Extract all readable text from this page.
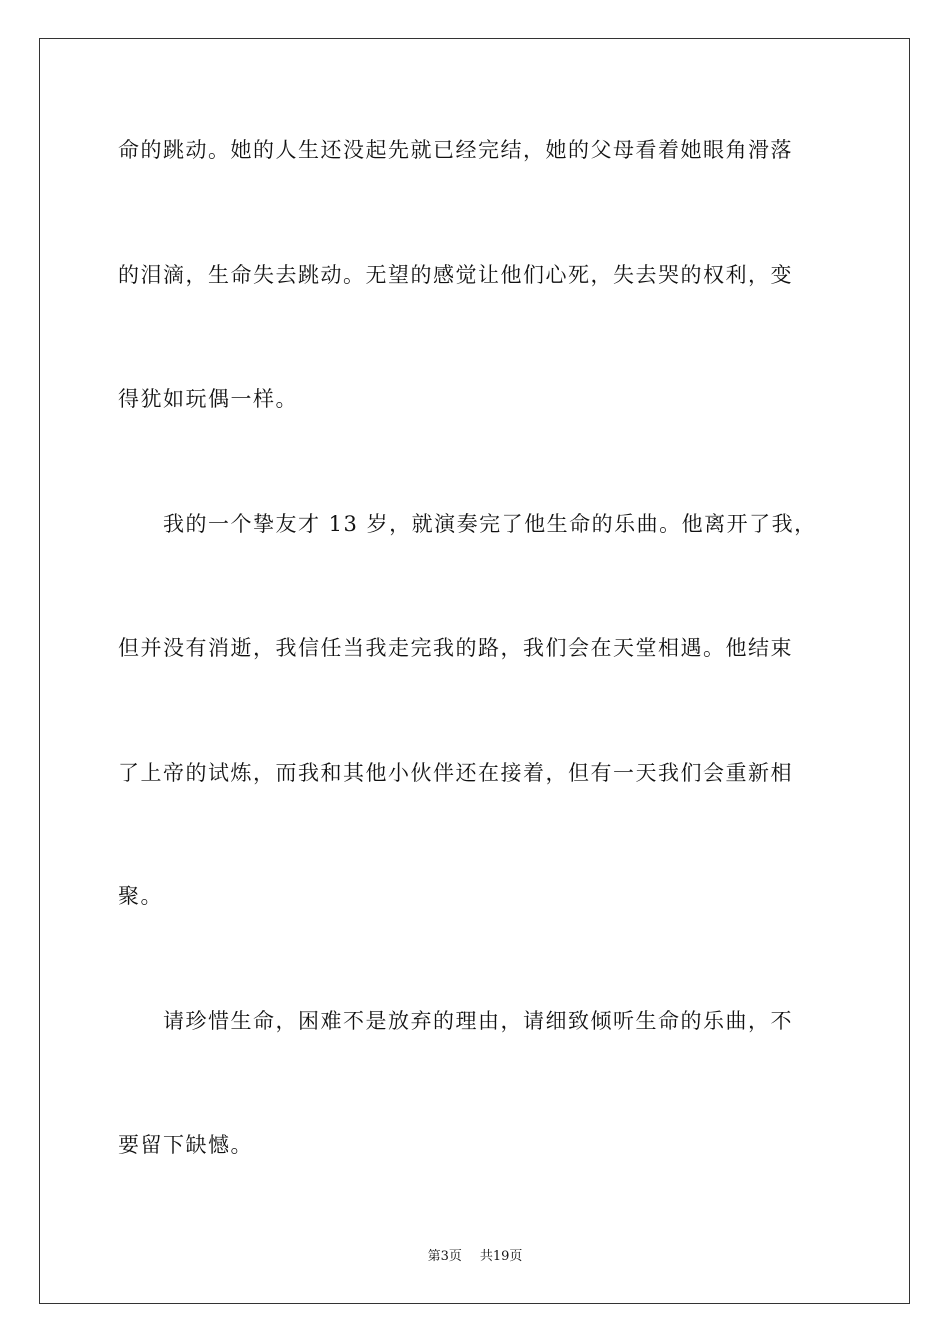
命的跳动。她的人生还没起先就已经完结，她的父母看着她眼角滑落
的泪滴，生命失去跳动。无望的感觉让他们心死，失去哭的权利，变
得犹如玩偶一样。
　　我的一个挚友才 13 岁，就演奏完了他生命的乐曲。他离开了我，
但并没有消逝，我信任当我走完我的路，我们会在天堂相遇。他结束
了上帝的试炼，而我和其他小伙伴还在接着，但有一天我们会重新相
聚。
　　请珍惜生命，困难不是放弃的理由，请细致倾听生命的乐曲，不
要留下缺憾。
第3页 共19页
